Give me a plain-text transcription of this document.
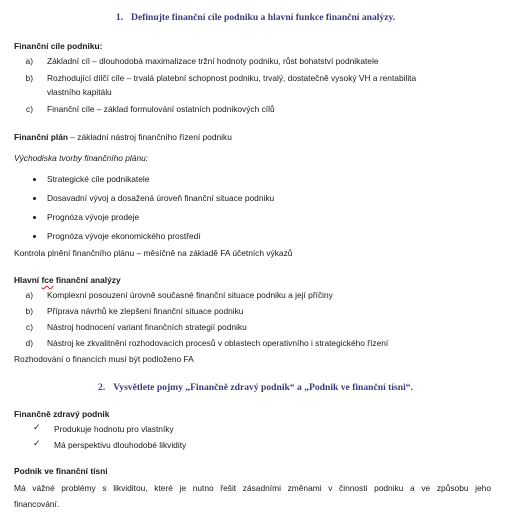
1. Definujte finanční cíle podniku a hlavní funkce finanční analýzy.
Finanční cíle podniku:
a) Základní cíl – dlouhodobá maximalizace tržní hodnoty podniku, růst bohatství podnikatele
b) Rozhodující dílčí cíle – trvalá platební schopnost podniku, trvalý, dostatečně vysoký VH a rentabilita
vlastního kapitálu
c) Finanční cíle – základ formulování ostatních podnikových cílů
Finanční plán – základní nástroj finančního řízení podniku
Východiska tvorby finančního plánu:
Strategické cíle podnikatele
Dosavadní vývoj a dosažená úroveň finanční situace podniku
Prognóza vývoje prodeje
Prognóza vývoje ekonomického prostředí
Kontrola plnění finančního plánu – měsíčně na základě FA účetních výkazů
Hlavní fce finanční analýzy
a) Komplexní posouzení úrovně současné finanční situace podniku a její příčiny
b) Příprava návrhů ke zlepšení finanční situace podniku
c) Nástroj hodnocení variant finančních strategií podniku
d) Nástroj ke zkvalitnění rozhodovacích procesů v oblastech operativního i strategického řízení
Rozhodování o financích musí být podloženo FA
2. Vysvětlete pojmy „Finančně zdravý podnik“ a „Podnik ve finanční tísni“.
Finančně zdravý podnik
✓ Produkuje hodnotu pro vlastníky
✓ Má perspektivu dlouhodobé likvidity
Podnik ve finanční tísni
Má vážné problémy s likviditou, které je nutno řešit zásadními změnami v činnosti podniku a ve způsobu jeho
financování.
